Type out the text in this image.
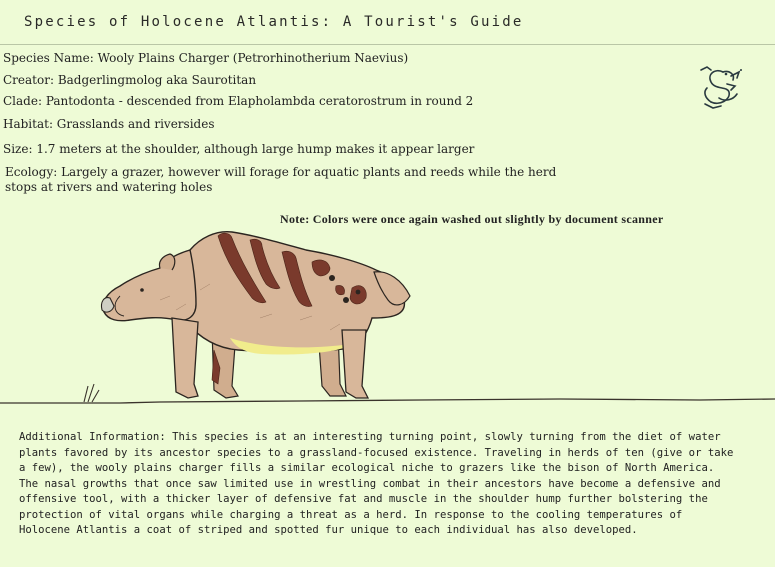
Species of Holocene Atlantis: A Tourist's Guide
Species Name: Wooly Plains Charger (Petrorhinotherium Naevius)
Creator: Badgerlingmolog aka Saurotitan
Clade: Pantodonta - descended from Elapholambda ceratorostrum in round 2
Habitat: Grasslands and riversides
Size: 1.7 meters at the shoulder, although large hump makes it appear larger
Ecology: Largely a grazer, however will forage for aquatic plants and reeds while the herd stops at rivers and watering holes
Note: Colors were once again washed out slightly by document scanner
Additional Information: This species is at an interesting turning point, slowly turning from the diet of water plants favored by its ancestor species to a grassland-focused existence. Traveling in herds of ten (give or take a few), the wooly plains charger fills a similar ecological niche to grazers like the bison of North America. The nasal growths that once saw limited use in wrestling combat in their ancestors have become a defensive and offensive tool, with a thicker layer of defensive fat and muscle in the shoulder hump further bolstering the protection of vital organs while charging a threat as a herd. In response to the cooling temperatures of Holocene Atlantis a coat of striped and spotted fur unique to each individual has also developed.
